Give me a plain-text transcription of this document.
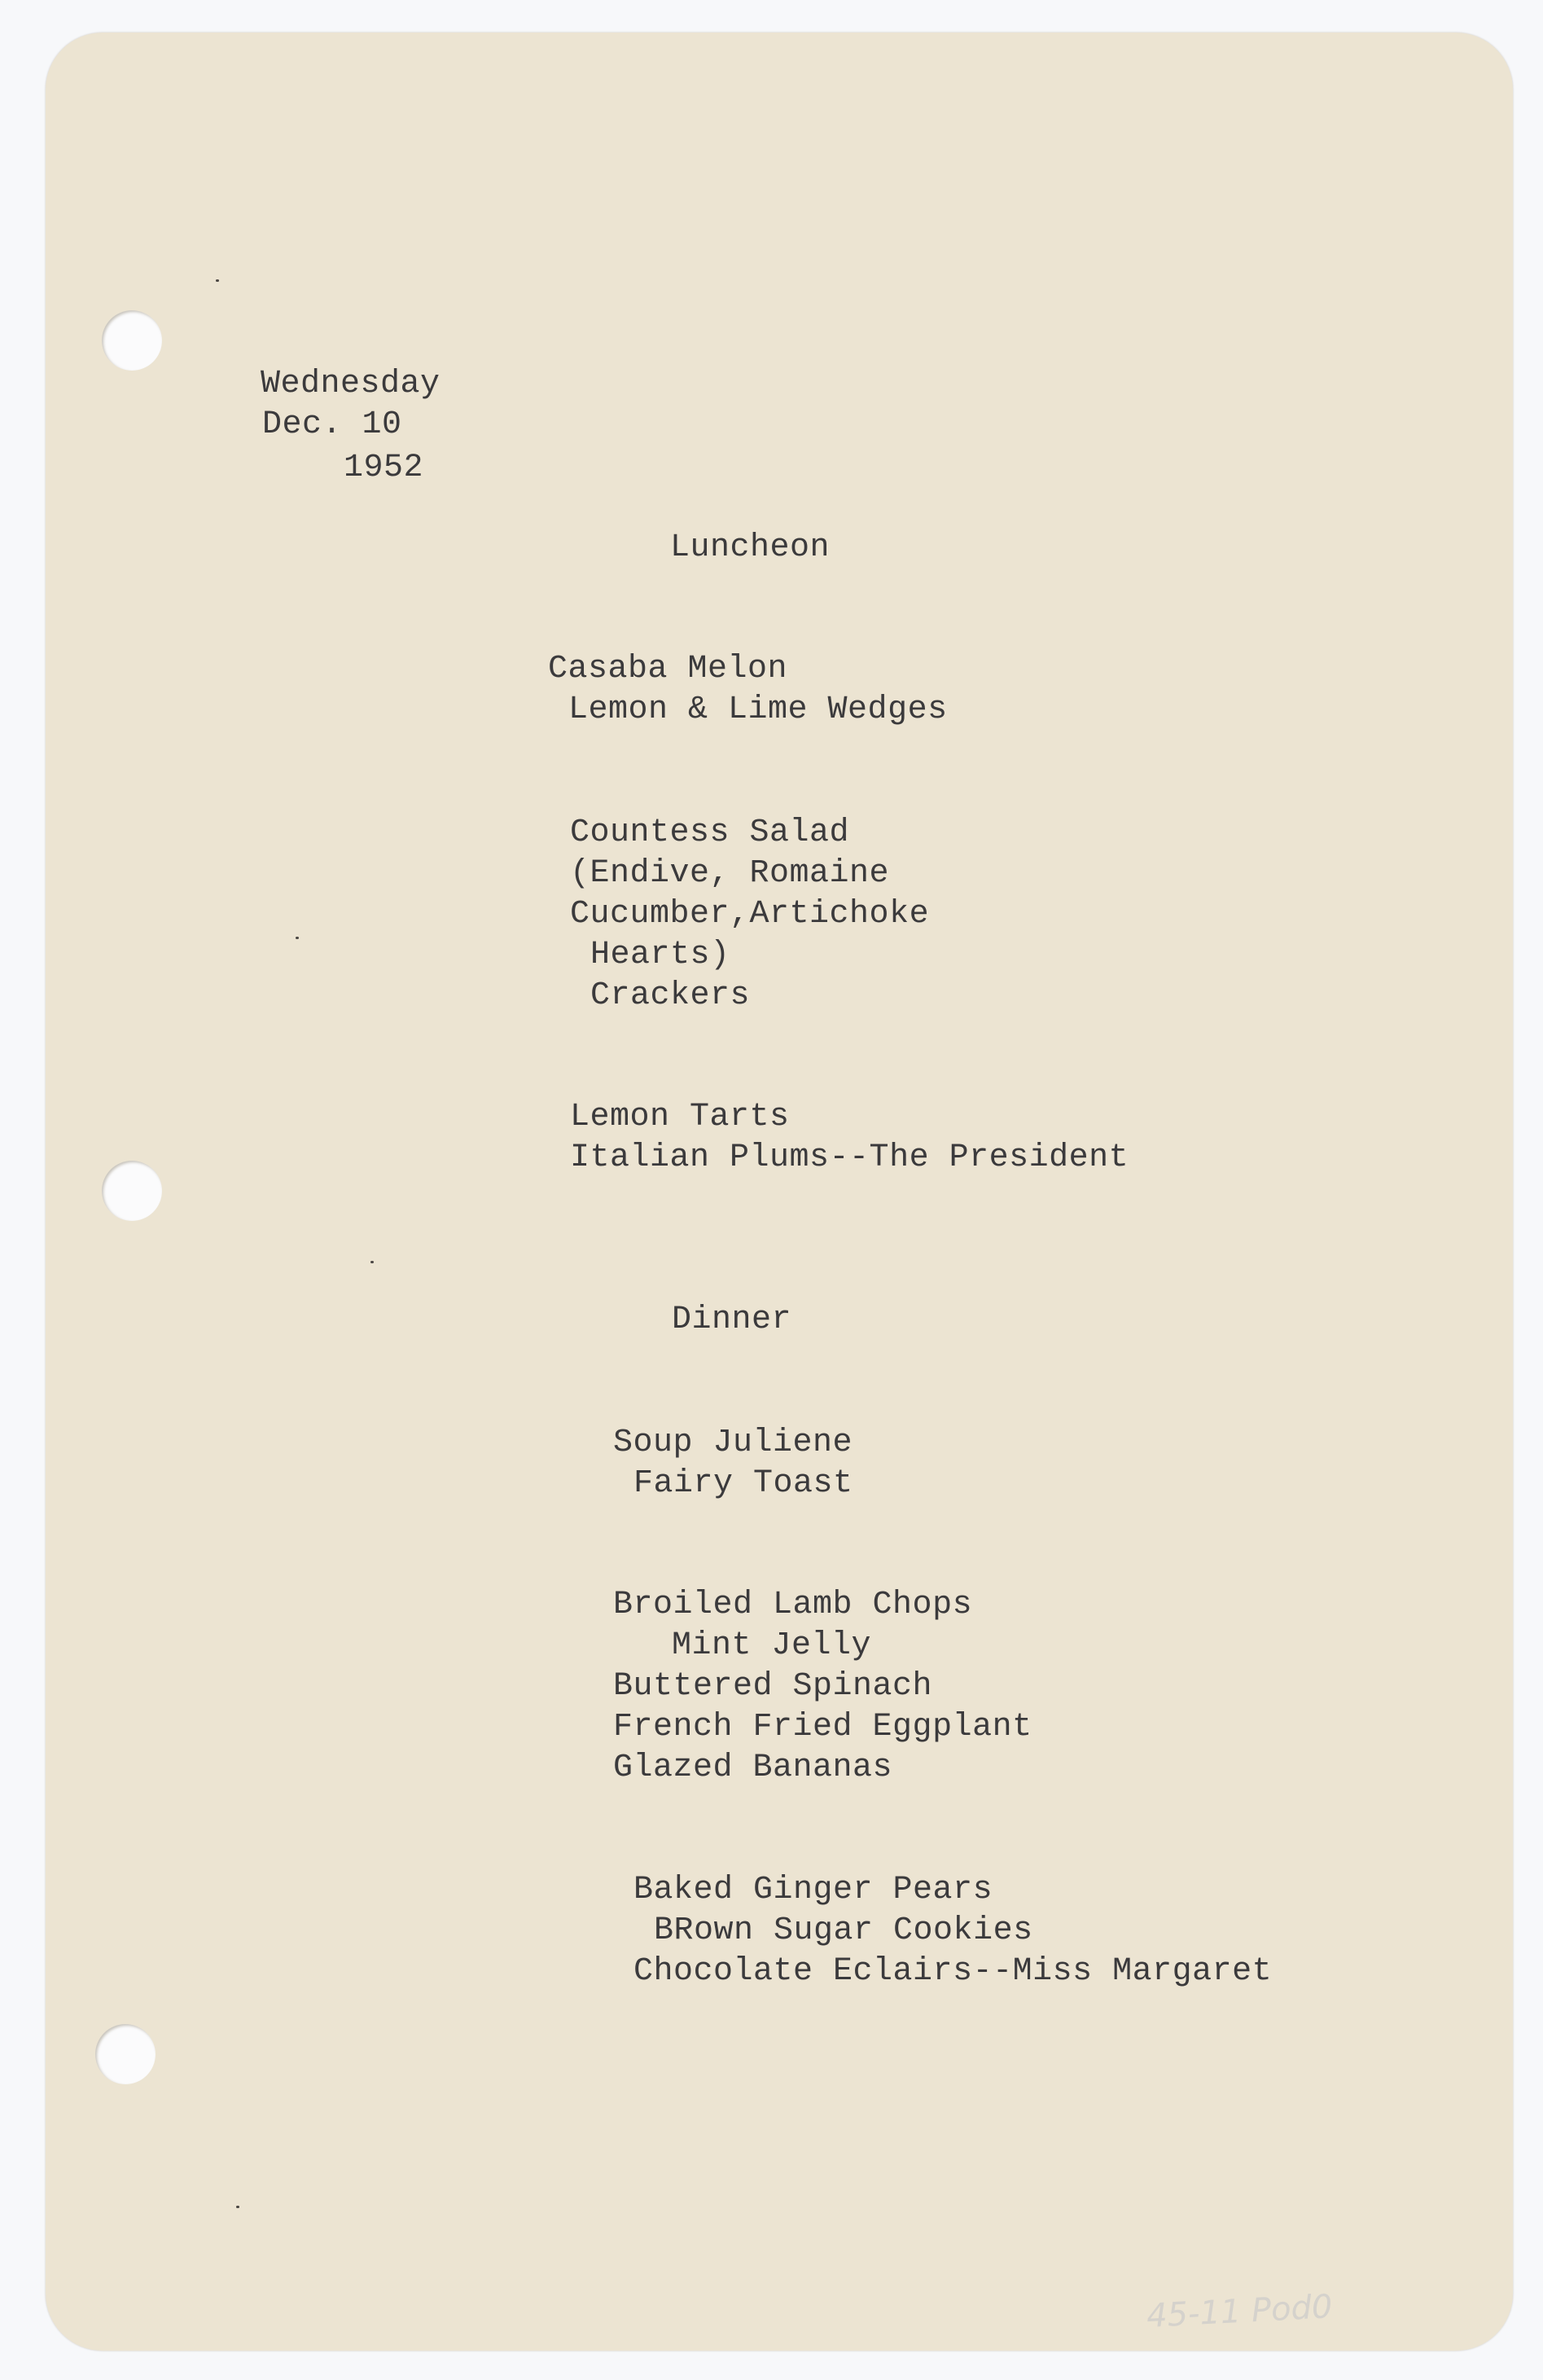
Wednesday
Dec. 10
1952
Luncheon
Casaba Melon
Lemon & Lime Wedges
Countess Salad
(Endive, Romaine
Cucumber,Artichoke
Hearts)
Crackers
Lemon Tarts
Italian Plums--The President
Dinner
Soup Juliene
Fairy Toast
Broiled Lamb Chops
Mint Jelly
Buttered Spinach
French Fried Eggplant
Glazed Bananas
Baked Ginger Pears
BRown Sugar Cookies
Chocolate Eclairs--Miss Margaret
45-11 Pod0
